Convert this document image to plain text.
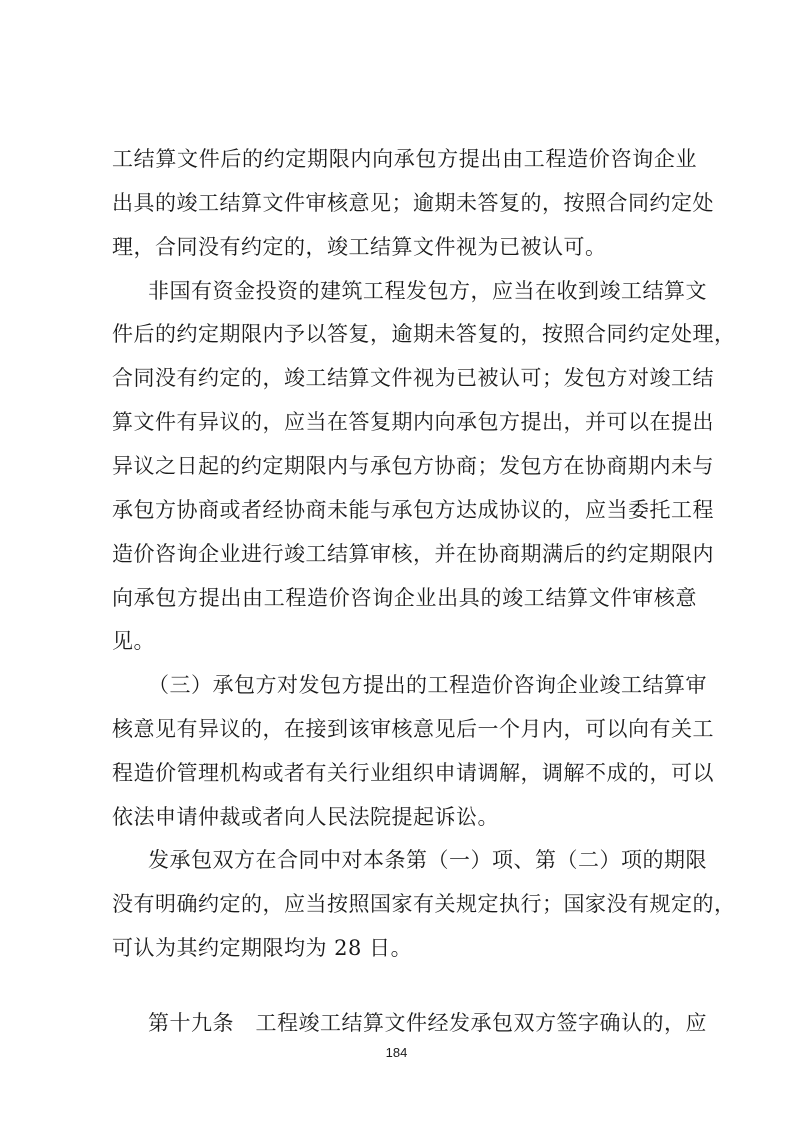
工结算文件后的约定期限内向承包方提出由工程造价咨询企业
出具的竣工结算文件审核意见；逾期未答复的，按照合同约定处
理，合同没有约定的，竣工结算文件视为已被认可。
非国有资金投资的建筑工程发包方，应当在收到竣工结算文
件后的约定期限内予以答复，逾期未答复的，按照合同约定处理，
合同没有约定的，竣工结算文件视为已被认可；发包方对竣工结
算文件有异议的，应当在答复期内向承包方提出，并可以在提出
异议之日起的约定期限内与承包方协商；发包方在协商期内未与
承包方协商或者经协商未能与承包方达成协议的，应当委托工程
造价咨询企业进行竣工结算审核，并在协商期满后的约定期限内
向承包方提出由工程造价咨询企业出具的竣工结算文件审核意
见。
（三）承包方对发包方提出的工程造价咨询企业竣工结算审
核意见有异议的，在接到该审核意见后一个月内，可以向有关工
程造价管理机构或者有关行业组织申请调解，调解不成的，可以
依法申请仲裁或者向人民法院提起诉讼。
发承包双方在合同中对本条第（一）项、第（二）项的期限
没有明确约定的，应当按照国家有关规定执行；国家没有规定的，
可认为其约定期限均为 28 日。
第十九条　工程竣工结算文件经发承包双方签字确认的，应
184
